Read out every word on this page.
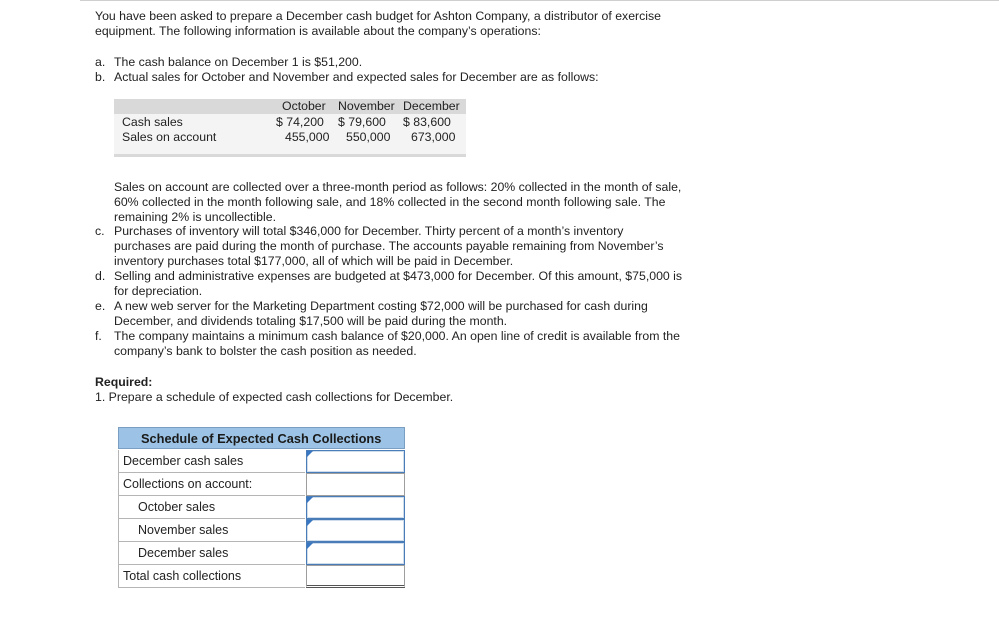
You have been asked to prepare a December cash budget for Ashton Company, a distributor of exercise
equipment. The following information is available about the company’s operations:
a. The cash balance on December 1 is $51,200.
b. Actual sales for October and November and expected sales for December are as follows:
October November December
Cash sales	$ 74,200 $ 79,600 $ 83,600
Sales on account	455,000 550,000 673,000
Sales on account are collected over a three-month period as follows: 20% collected in the month of sale,
60% collected in the month following sale, and 18% collected in the second month following sale. The
remaining 2% is uncollectible.
c. Purchases of inventory will total $346,000 for December. Thirty percent of a month’s inventory
purchases are paid during the month of purchase. The accounts payable remaining from November’s
inventory purchases total $177,000, all of which will be paid in December.
d. Selling and administrative expenses are budgeted at $473,000 for December. Of this amount, $75,000 is
for depreciation.
e. A new web server for the Marketing Department costing $72,000 will be purchased for cash during
December, and dividends totaling $17,500 will be paid during the month.
f. The company maintains a minimum cash balance of $20,000. An open line of credit is available from the
company’s bank to bolster the cash position as needed.
Required:
1. Prepare a schedule of expected cash collections for December.
Schedule of Expected Cash Collections
December cash sales
Collections on account:
October sales
November sales
December sales
Total cash collections
